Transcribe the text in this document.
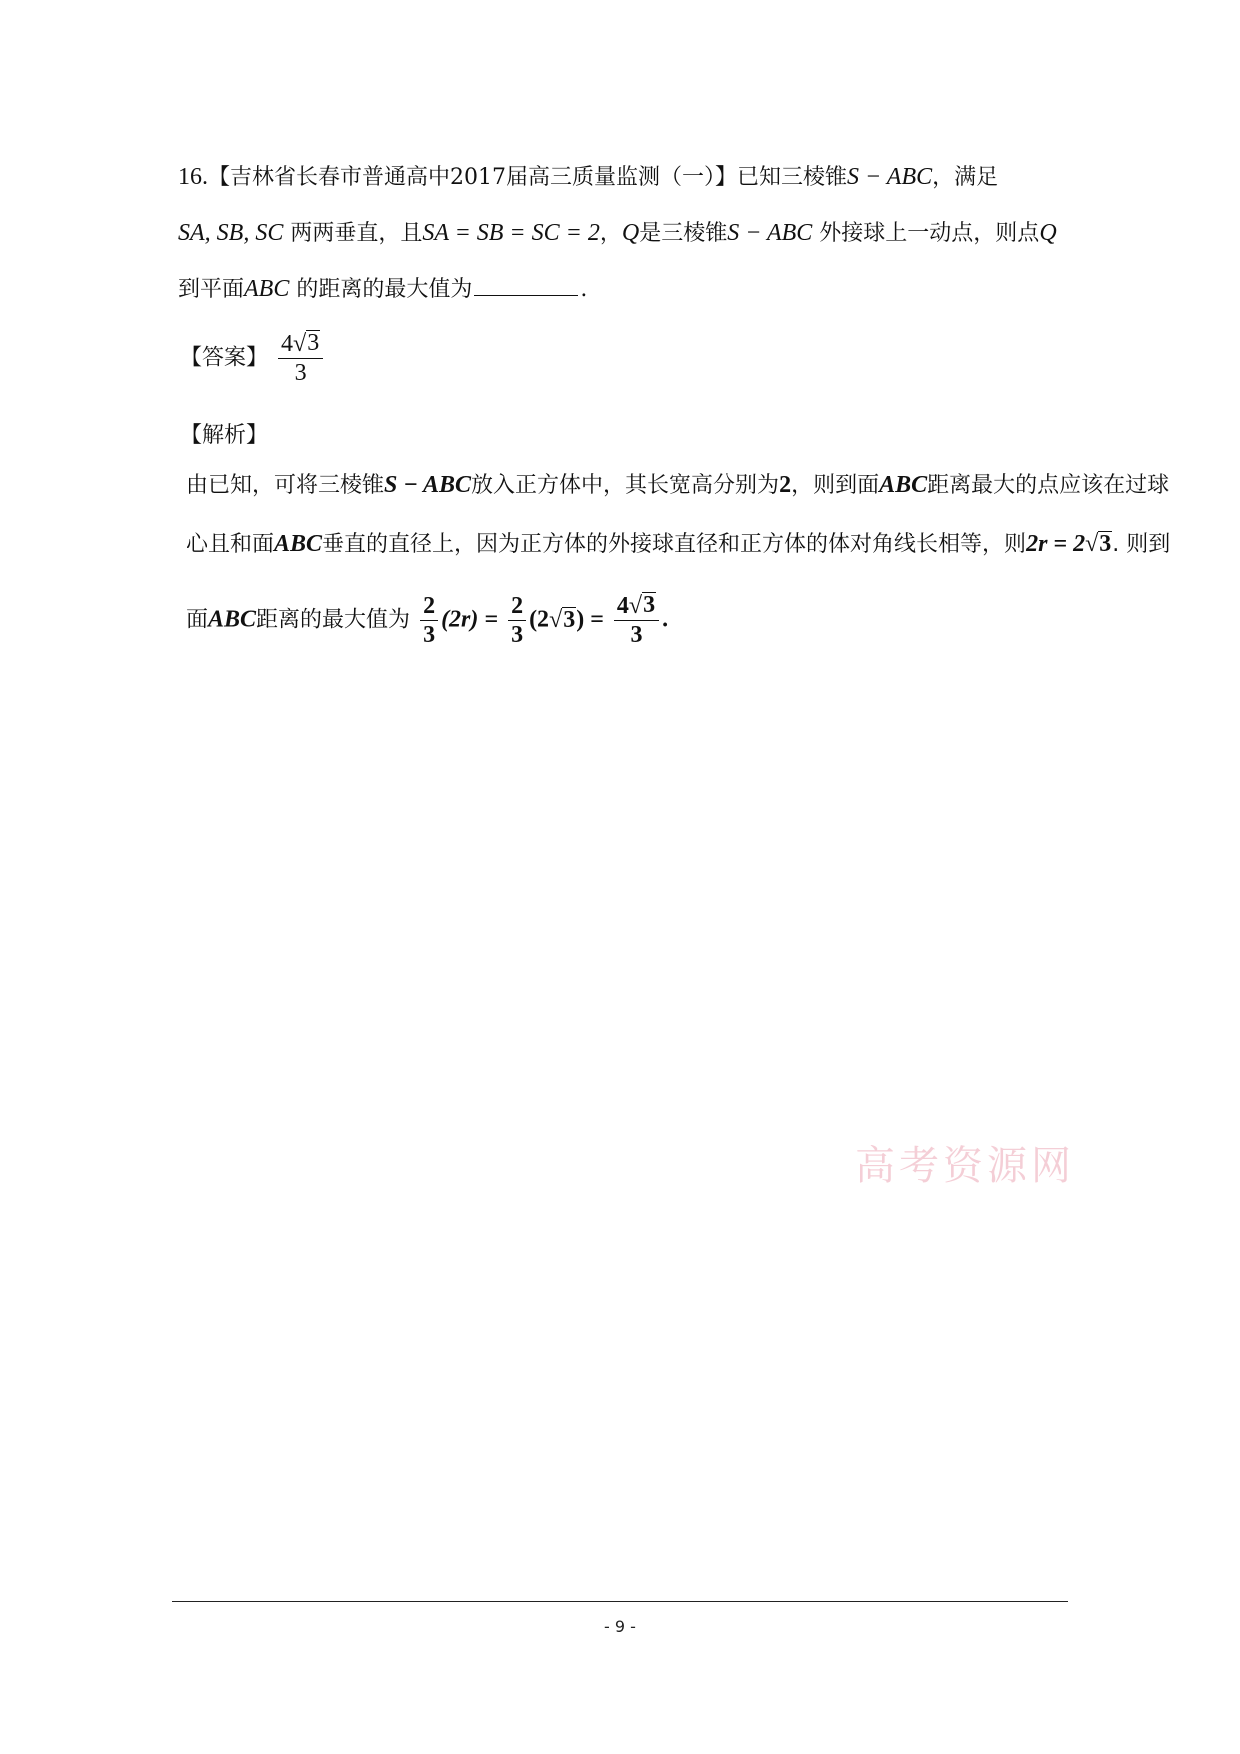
16.【吉林省长春市普通高中2017届高三质量监测（一）】已知三棱锥S − ABC，满足
SA, SB, SC 两两垂直，且SA = SB = SC = 2，Q是三棱锥S − ABC 外接球上一动点，则点Q
到平面ABC 的距离的最大值为	.
【答案】 $\frac{4 √ 3}{3}$
【解析】
由已知，可将三棱锥S − ABC放入正方体中，其长宽高分别为2，则到面ABC距离最大的点应该在过球
心且和面ABC垂直的直径上，因为正方体的外接球直径和正方体的体对角线长相等，则2r = 2 √ 3 . 则到
面ABC距离的最大值为 $\frac{2}{3} (2r) = \frac{2}{3} (2$ √ 3 ) = $\frac{4 √ 3}{3}$ .
高考资源网
- 9 -
